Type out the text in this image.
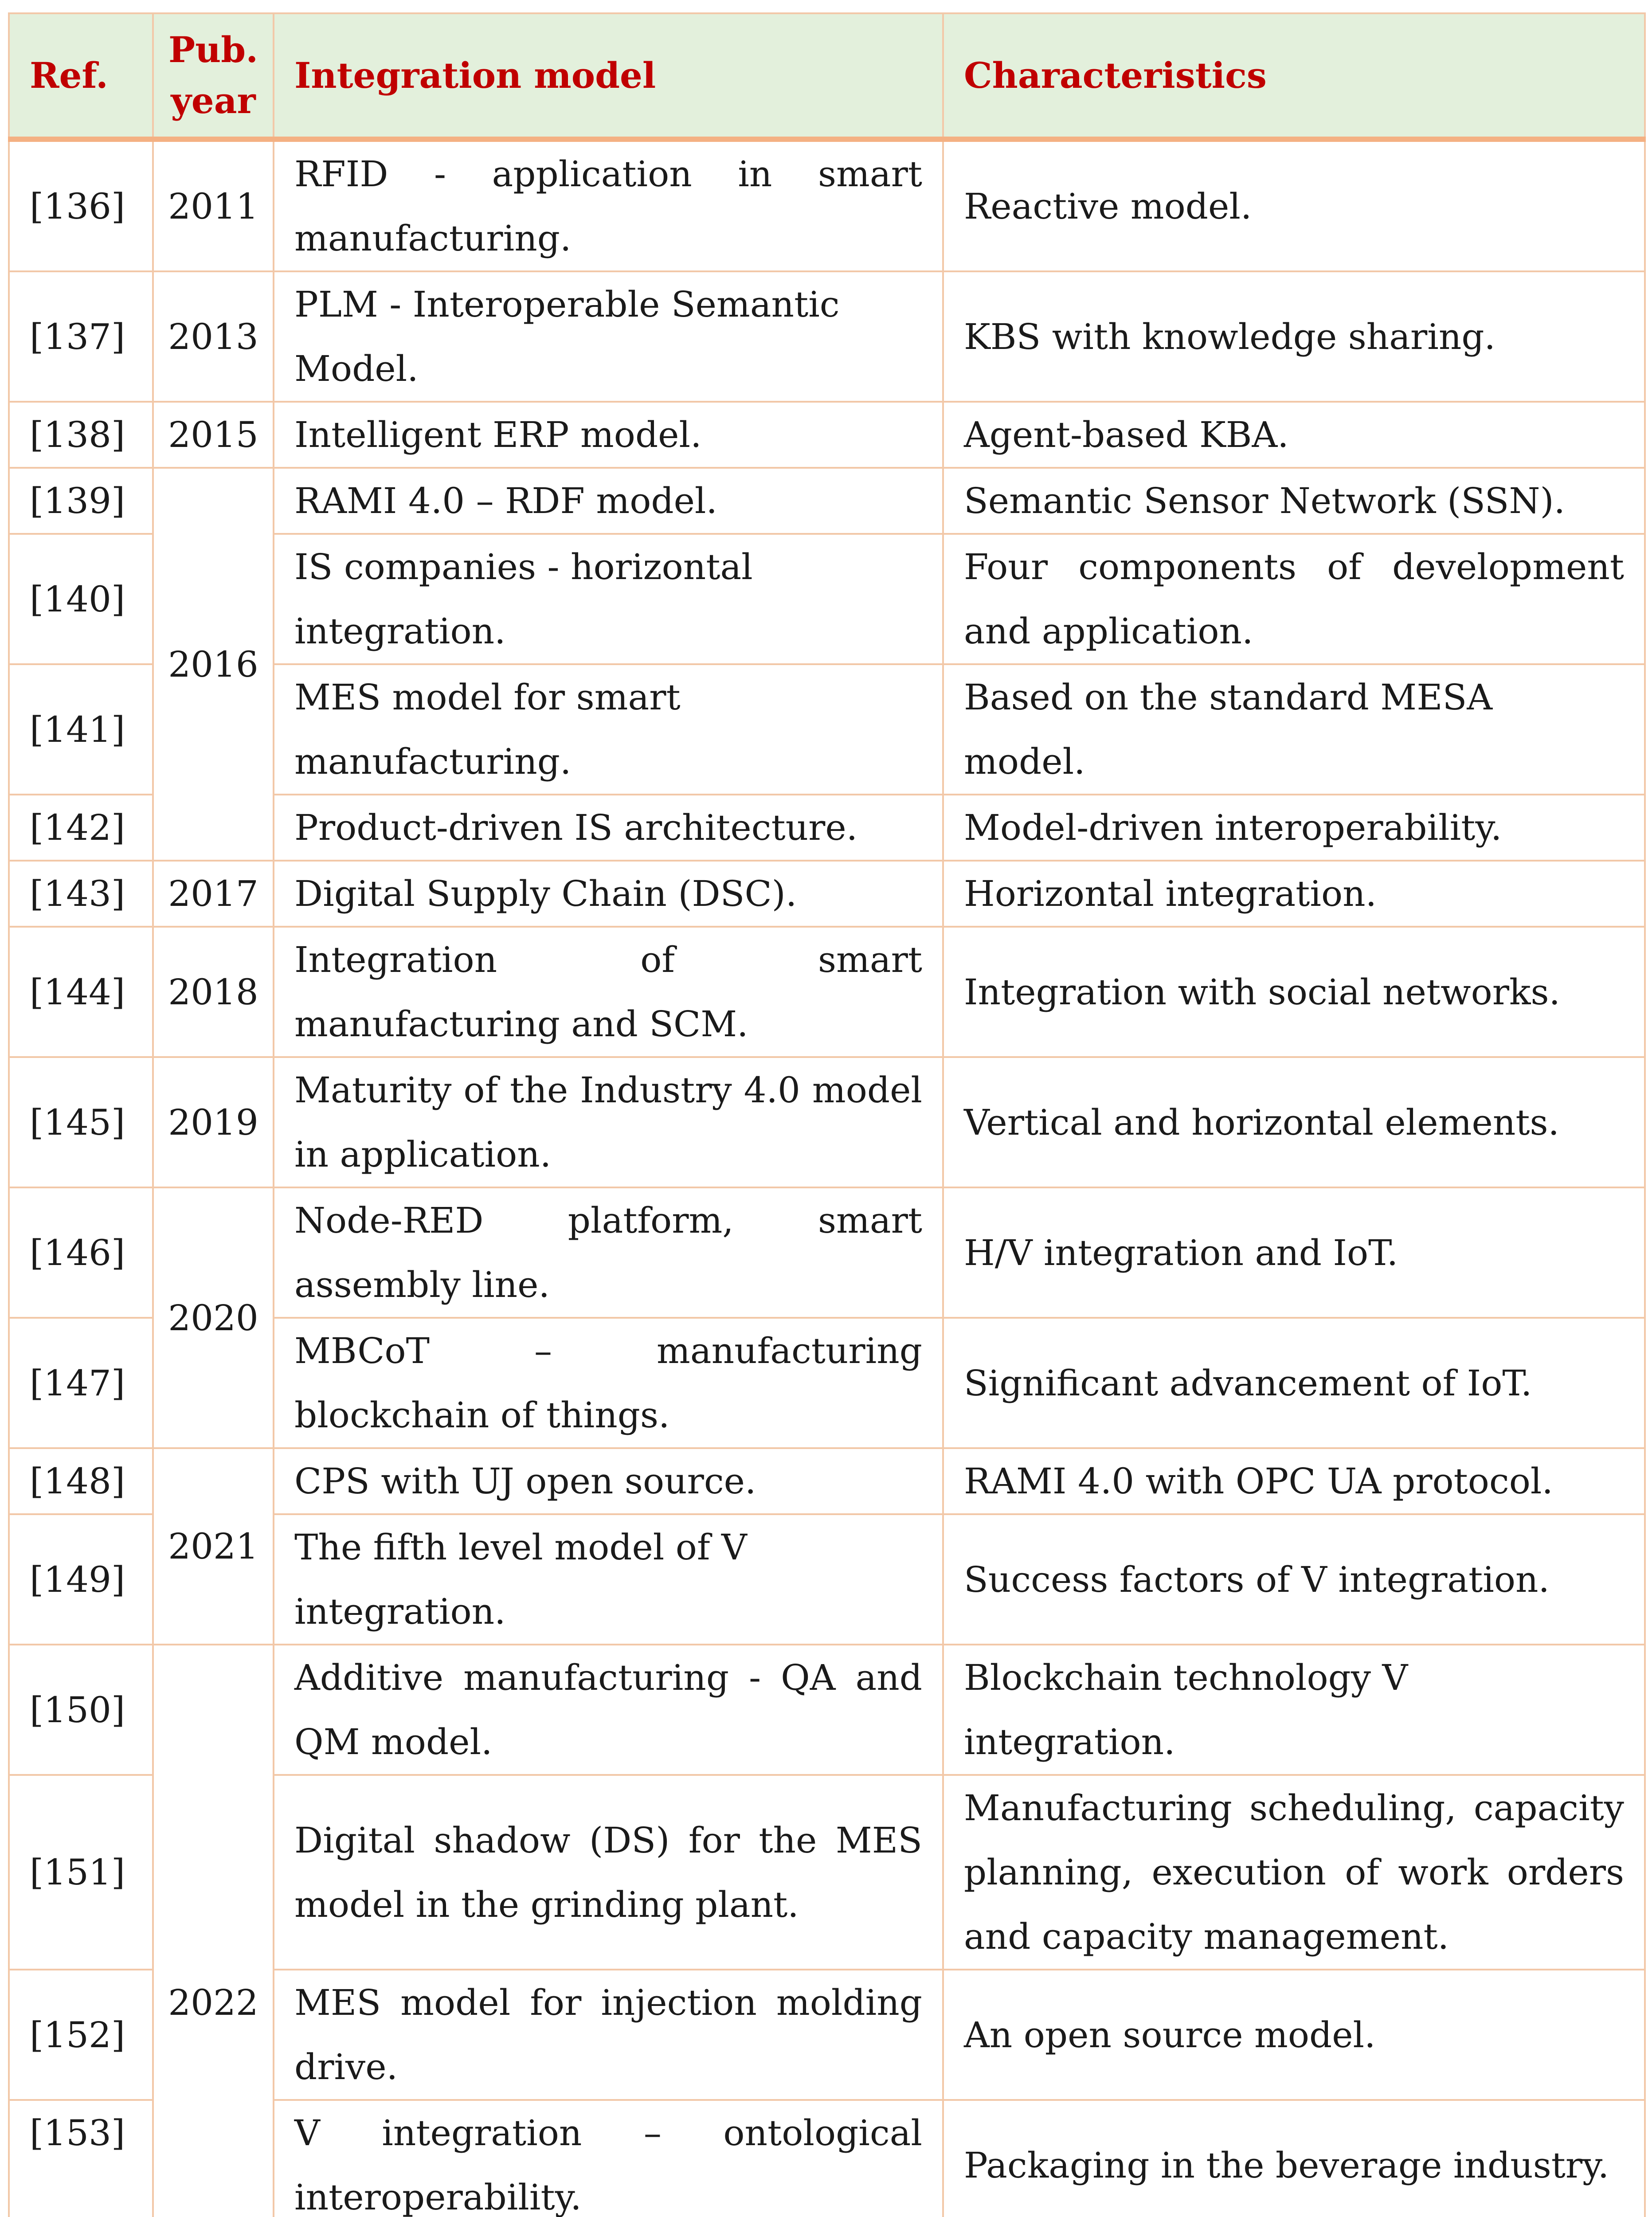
Ref.	Pub. year	Integration model	Characteristics
[136]	2011	RFID - application in smart manufacturing.	Reactive model.
[137]	2013	PLM - Interoperable Semantic Model.	KBS with knowledge sharing.
[138]	2015	Intelligent ERP model.	Agent-based KBA.
[139]	2016	RAMI 4.0 – RDF model.	Semantic Sensor Network (SSN).
[140]		IS companies - horizontal integration.	Four components of development and application.
[141]		MES model for smart manufacturing.	Based on the standard MESA model.
[142]		Product-driven IS architecture.	Model-driven interoperability.
[143]	2017	Digital Supply Chain (DSC).	Horizontal integration.
[144]	2018	Integration of smart manufacturing and SCM.	Integration with social networks.
[145]	2019	Maturity of the Industry 4.0 model in application.	Vertical and horizontal elements.
[146]	2020	Node-RED platform, smart assembly line.	H/V integration and IoT.
[147]		MBCoT – manufacturing blockchain of things.	Significant advancement of IoT.
[148]	2021	CPS with UJ open source.	RAMI 4.0 with OPC UA protocol.
[149]		The fifth level model of V integration.	Success factors of V integration.
[150]	2022	Additive manufacturing - QA and QM model.	Blockchain technology V integration.
[151]		Digital shadow (DS) for the MES model in the grinding plant.	Manufacturing scheduling, capacity planning, execution of work orders and capacity management.
[152]		MES model for injection molding drive.	An open source model.
[153]		V integration – ontological interoperability.	Packaging in the beverage industry.
